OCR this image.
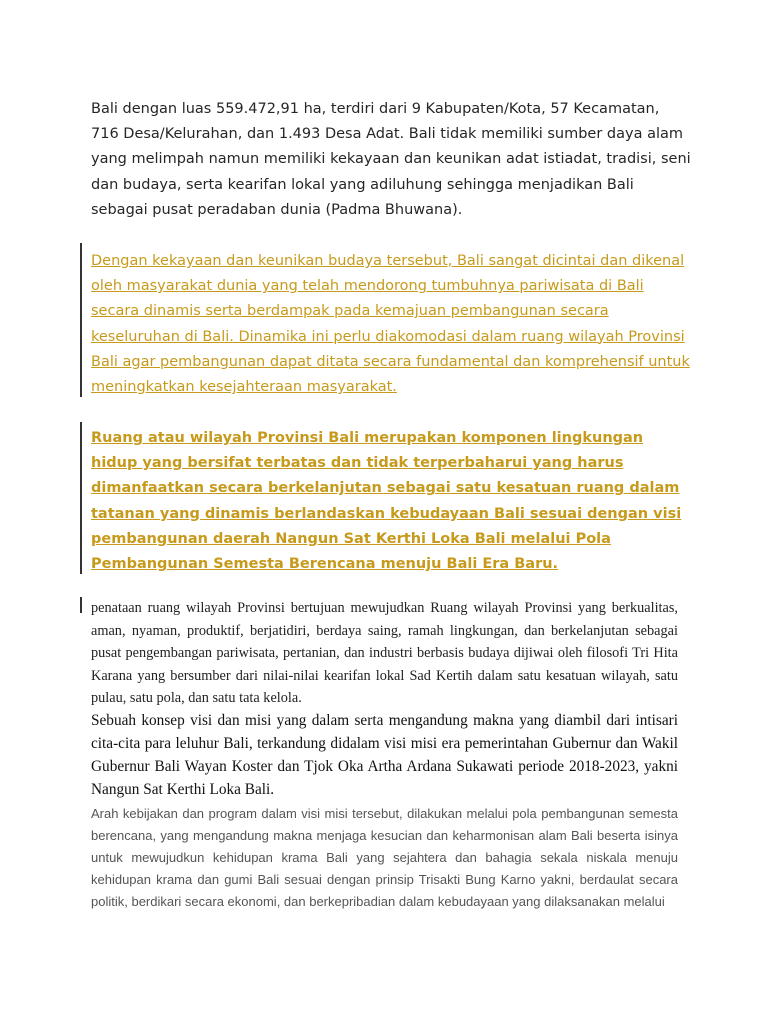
Bali dengan luas 559.472,91 ha, terdiri dari 9 Kabupaten/Kota, 57 Kecamatan, 716 Desa/Kelurahan, dan 1.493 Desa Adat. Bali tidak memiliki sumber daya alam yang melimpah namun memiliki kekayaan dan keunikan adat istiadat, tradisi, seni dan budaya, serta kearifan lokal yang adiluhung sehingga menjadikan Bali sebagai pusat peradaban dunia (Padma Bhuwana).

Dengan kekayaan dan keunikan budaya tersebut, Bali sangat dicintai dan dikenal oleh masyarakat dunia yang telah mendorong tumbuhnya pariwisata di Bali secara dinamis serta berdampak pada kemajuan pembangunan secara keseluruhan di Bali. Dinamika ini perlu diakomodasi dalam ruang wilayah Provinsi Bali agar pembangunan dapat ditata secara fundamental dan komprehensif untuk meningkatkan kesejahteraan masyarakat.

Ruang atau wilayah Provinsi Bali merupakan komponen lingkungan hidup yang bersifat terbatas dan tidak terperbaharui yang harus dimanfaatkan secara berkelanjutan sebagai satu kesatuan ruang dalam tatanan yang dinamis berlandaskan kebudayaan Bali sesuai dengan visi pembangunan daerah Nangun Sat Kerthi Loka Bali melalui Pola Pembangunan Semesta Berencana menuju Bali Era Baru.

penataan ruang wilayah Provinsi bertujuan mewujudkan Ruang wilayah Provinsi yang berkualitas, aman, nyaman, produktif, berjatidiri, berdaya saing, ramah lingkungan, dan berkelanjutan sebagai pusat pengembangan pariwisata, pertanian, dan industri berbasis budaya dijiwai oleh filosofi Tri Hita Karana yang bersumber dari nilai-nilai kearifan lokal Sad Kertih dalam satu kesatuan wilayah, satu pulau, satu pola, dan satu tata kelola.

Sebuah konsep visi dan misi yang dalam serta mengandung makna yang diambil dari intisari cita-cita para leluhur Bali, terkandung didalam visi misi era pemerintahan Gubernur dan Wakil Gubernur Bali Wayan Koster dan Tjok Oka Artha Ardana Sukawati periode 2018-2023, yakni Nangun Sat Kerthi Loka Bali.

Arah kebijakan dan program dalam visi misi tersebut, dilakukan melalui pola pembangunan semesta berencana, yang mengandung makna menjaga kesucian dan keharmonisan alam Bali beserta isinya untuk mewujudkun kehidupan krama Bali yang sejahtera dan bahagia sekala niskala menuju kehidupan krama dan gumi Bali sesuai dengan prinsip Trisakti Bung Karno yakni, berdaulat secara politik, berdikari secara ekonomi, dan berkepribadian dalam kebudayaan yang dilaksanakan melalui
